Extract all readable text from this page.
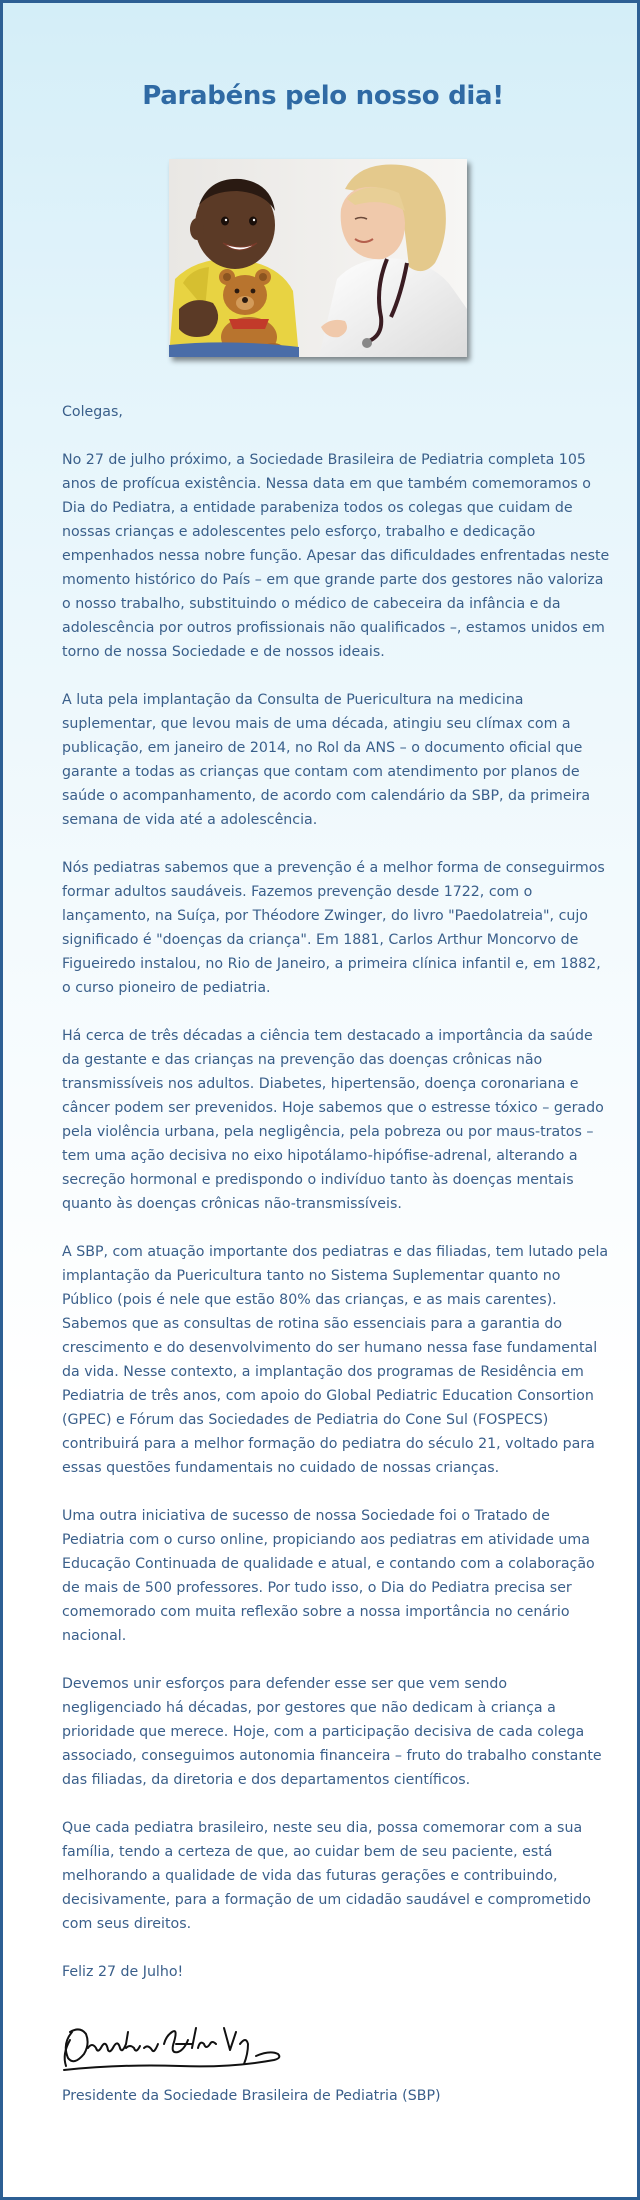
Parabéns pelo nosso dia!

Colegas,

No 27 de julho próximo, a Sociedade Brasileira de Pediatria completa 105 anos de profícua existência. Nessa data em que também comemoramos o Dia do Pediatra, a entidade parabeniza todos os colegas que cuidam de nossas crianças e adolescentes pelo esforço, trabalho e dedicação empenhados nessa nobre função. Apesar das dificuldades enfrentadas neste momento histórico do País – em que grande parte dos gestores não valoriza o nosso trabalho, substituindo o médico de cabeceira da infância e da adolescência por outros profissionais não qualificados –, estamos unidos em torno de nossa Sociedade e de nossos ideais.

A luta pela implantação da Consulta de Puericultura na medicina suplementar, que levou mais de uma década, atingiu seu clímax com a publicação, em janeiro de 2014, no Rol da ANS – o documento oficial que garante a todas as crianças que contam com atendimento por planos de saúde o acompanhamento, de acordo com calendário da SBP, da primeira semana de vida até a adolescência.

Nós pediatras sabemos que a prevenção é a melhor forma de conseguirmos formar adultos saudáveis. Fazemos prevenção desde 1722, com o lançamento, na Suíça, por Théodore Zwinger, do livro "PaedoIatreia", cujo significado é "doenças da criança". Em 1881, Carlos Arthur Moncorvo de Figueiredo instalou, no Rio de Janeiro, a primeira clínica infantil e, em 1882, o curso pioneiro de pediatria.

Há cerca de três décadas a ciência tem destacado a importância da saúde da gestante e das crianças na prevenção das doenças crônicas não transmissíveis nos adultos. Diabetes, hipertensão, doença coronariana e câncer podem ser prevenidos. Hoje sabemos que o estresse tóxico – gerado pela violência urbana, pela negligência, pela pobreza ou por maus-tratos – tem uma ação decisiva no eixo hipotálamo-hipófise-adrenal, alterando a secreção hormonal e predispondo o indivíduo tanto às doenças mentais quanto às doenças crônicas não-transmissíveis.

A SBP, com atuação importante dos pediatras e das filiadas, tem lutado pela implantação da Puericultura tanto no Sistema Suplementar quanto no Público (pois é nele que estão 80% das crianças, e as mais carentes). Sabemos que as consultas de rotina são essenciais para a garantia do crescimento e do desenvolvimento do ser humano nessa fase fundamental da vida. Nesse contexto, a implantação dos programas de Residência em Pediatria de três anos, com apoio do Global Pediatric Education Consortion (GPEC) e Fórum das Sociedades de Pediatria do Cone Sul (FOSPECS) contribuirá para a melhor formação do pediatra do século 21, voltado para essas questões fundamentais no cuidado de nossas crianças.

Uma outra iniciativa de sucesso de nossa Sociedade foi o Tratado de Pediatria com o curso online, propiciando aos pediatras em atividade uma Educação Continuada de qualidade e atual, e contando com a colaboração de mais de 500 professores. Por tudo isso, o Dia do Pediatra precisa ser comemorado com muita reflexão sobre a nossa importância no cenário nacional.

Devemos unir esforços para defender esse ser que vem sendo negligenciado há décadas, por gestores que não dedicam à criança a prioridade que merece. Hoje, com a participação decisiva de cada colega associado, conseguimos autonomia financeira – fruto do trabalho constante das filiadas, da diretoria e dos departamentos científicos.

Que cada pediatra brasileiro, neste seu dia, possa comemorar com a sua família, tendo a certeza de que, ao cuidar bem de seu paciente, está melhorando a qualidade de vida das futuras gerações e contribuindo, decisivamente, para a formação de um cidadão saudável e comprometido com seus direitos.

Feliz 27 de Julho!

Presidente da Sociedade Brasileira de Pediatria (SBP)
